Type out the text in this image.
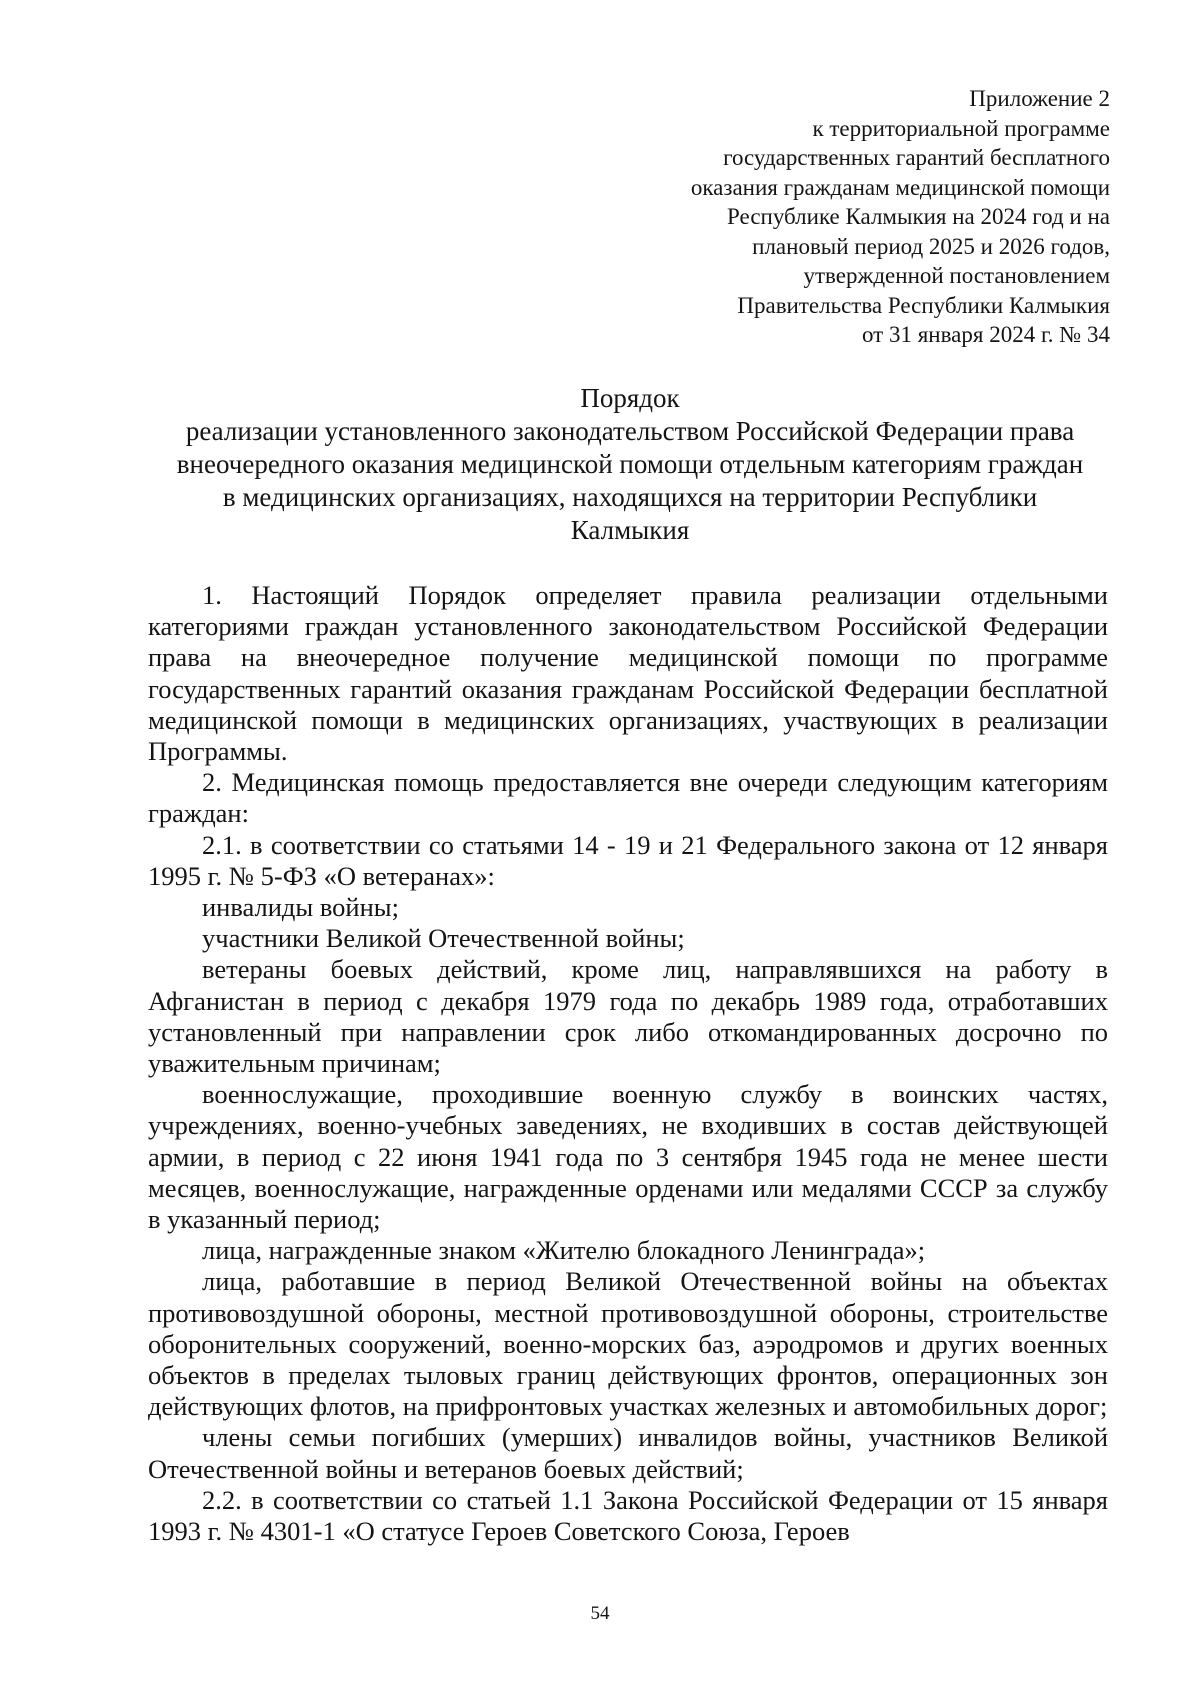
Приложение 2
к территориальной программе
государственных гарантий бесплатного
оказания гражданам медицинской помощи
Республике Калмыкия на 2024 год и на
плановый период 2025 и 2026 годов,
утвержденной постановлением
Правительства Республики Калмыкия
от 31 января 2024 г. № 34
Порядок
реализации установленного законодательством Российской Федерации права
внеочередного оказания медицинской помощи отдельным категориям граждан
в медицинских организациях, находящихся на территории Республики
Калмыкия

1. Настоящий Порядок определяет правила реализации отдельными категориями граждан установленного законодательством Российской Федерации права на внеочередное получение медицинской помощи по программе государственных гарантий оказания гражданам Российской Федерации бесплатной медицинской помощи в медицинских организациях, участвующих в реализации Программы.

2. Медицинская помощь предоставляется вне очереди следующим категориям граждан:

2.1. в соответствии со статьями 14 - 19 и 21 Федерального закона от 12 января 1995 г. № 5-ФЗ «О ветеранах»:

инвалиды войны;

участники Великой Отечественной войны;

ветераны боевых действий, кроме лиц, направлявшихся на работу в Афганистан в период с декабря 1979 года по декабрь 1989 года, отработавших установленный при направлении срок либо откомандированных досрочно по уважительным причинам;

военнослужащие, проходившие военную службу в воинских частях, учреждениях, военно-учебных заведениях, не входивших в состав действующей армии, в период с 22 июня 1941 года по 3 сентября 1945 года не менее шести месяцев, военнослужащие, награжденные орденами или медалями СССР за службу в указанный период;

лица, награжденные знаком «Жителю блокадного Ленинграда»;

лица, работавшие в период Великой Отечественной войны на объектах противовоздушной обороны, местной противовоздушной обороны, строительстве оборонительных сооружений, военно-морских баз, аэродромов и других военных объектов в пределах тыловых границ действующих фронтов, операционных зон действующих флотов, на прифронтовых участках железных и автомобильных дорог;

члены семьи погибших (умерших) инвалидов войны, участников Великой Отечественной войны и ветеранов боевых действий;

2.2. в соответствии со статьей 1.1 Закона Российской Федерации от 15 января 1993 г. № 4301-1 «О статусе Героев Советского Союза, Героев

54
